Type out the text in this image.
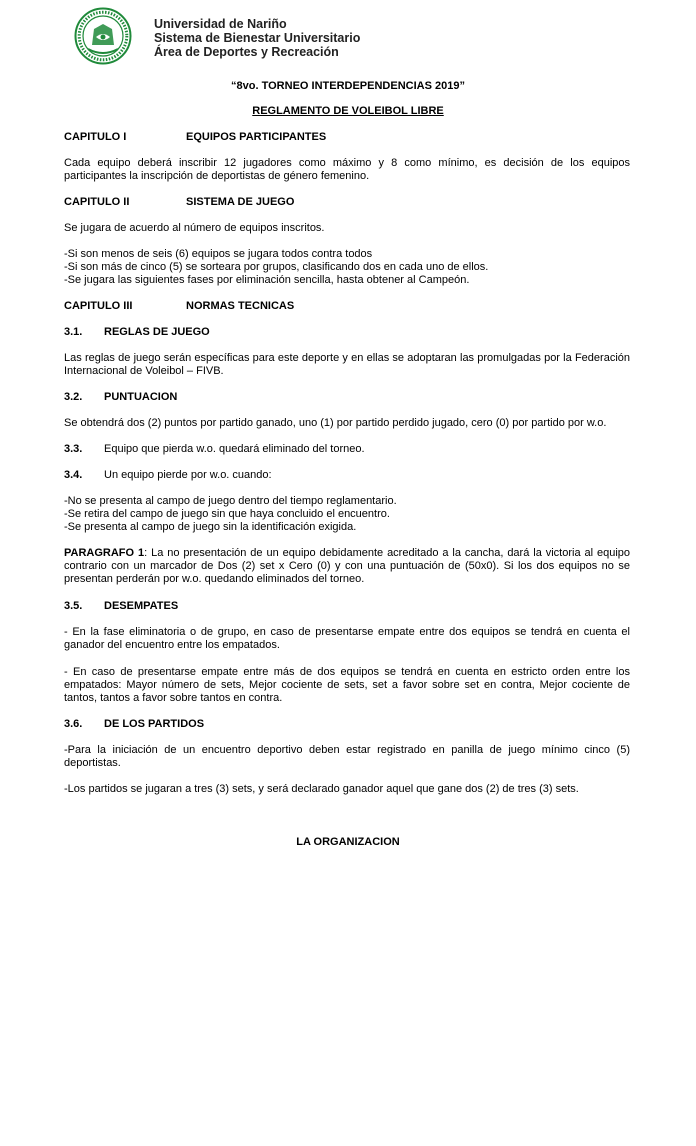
Universidad de Nariño
Sistema de Bienestar Universitario
Área de Deportes y Recreación
“8vo. TORNEO INTERDEPENDENCIAS 2019”
REGLAMENTO DE VOLEIBOL LIBRE
CAPITULO I	EQUIPOS PARTICIPANTES
Cada equipo deberá inscribir 12 jugadores como máximo y 8 como mínimo, es decisión de los equipos participantes la inscripción de deportistas de género femenino.
CAPITULO II	SISTEMA DE JUEGO
Se jugara de acuerdo al número de equipos inscritos.
-Si son menos de seis (6) equipos se jugara todos contra todos
-Si son más de cinco (5) se sorteara por grupos, clasificando dos en cada uno de ellos.
-Se jugara las siguientes fases por eliminación sencilla, hasta obtener al Campeón.
CAPITULO III	NORMAS TECNICAS
3.1. REGLAS DE JUEGO
Las reglas de juego serán específicas para este deporte y en ellas se adoptaran las promulgadas por la Federación Internacional de Voleibol – FIVB.
3.2. PUNTUACION
Se obtendrá dos (2) puntos por partido ganado, uno (1) por partido perdido jugado, cero (0) por partido por w.o.
3.3. Equipo que pierda w.o. quedará eliminado del torneo.
3.4. Un equipo pierde por w.o. cuando:
-No se presenta al campo de juego dentro del tiempo reglamentario.
-Se retira del campo de juego sin que haya concluido el encuentro.
-Se presenta al campo de juego sin la identificación exigida.
PARAGRAFO 1: La no presentación de un equipo debidamente acreditado a la cancha, dará la victoria al equipo contrario con un marcador de Dos (2) set x Cero (0) y con una puntuación de (50x0). Si los dos equipos no se presentan perderán por w.o. quedando eliminados del torneo.
3.5. DESEMPATES
- En la fase eliminatoria o de grupo, en caso de presentarse empate entre dos equipos se tendrá en cuenta el ganador del encuentro entre los empatados.
- En caso de presentarse empate entre más de dos equipos se tendrá en cuenta en estricto orden entre los empatados: Mayor número de sets, Mejor cociente de sets, set a favor sobre set en contra, Mejor cociente de tantos, tantos a favor sobre tantos en contra.
3.6. DE LOS PARTIDOS
-Para la iniciación de un encuentro deportivo deben estar registrado en panilla de juego mínimo cinco (5) deportistas.
-Los partidos se jugaran a tres (3) sets, y será declarado ganador aquel que gane dos (2) de tres (3) sets.
LA ORGANIZACION
